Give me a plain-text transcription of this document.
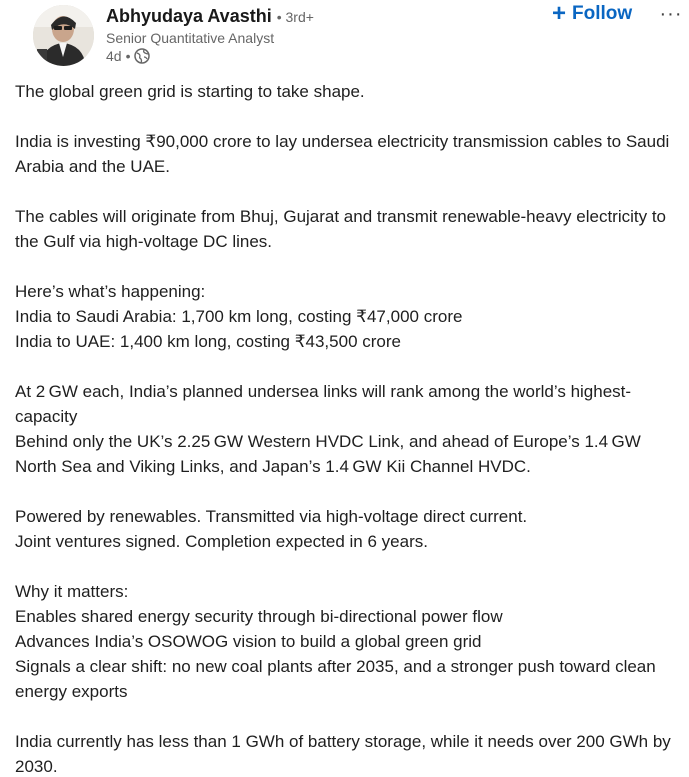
Abhyudaya Avasthi • 3rd+
Senior Quantitative Analyst
4d •
+ Follow ···

The global green grid is starting to take shape.

India is investing ₹90,000 crore to lay undersea electricity transmission cables to Saudi Arabia and the UAE.

The cables will originate from Bhuj, Gujarat and transmit renewable-heavy electricity to the Gulf via high-voltage DC lines.

Here’s what’s happening:

India to Saudi Arabia: 1,700 km long, costing ₹47,000 crore

India to UAE: 1,400 km long, costing ₹43,500 crore

At 2 GW each, India’s planned undersea links will rank among the world’s highest-capacity

Behind only the UK’s 2.25 GW Western HVDC Link, and ahead of Europe’s 1.4 GW North Sea and Viking Links, and Japan’s 1.4 GW Kii Channel HVDC.

Powered by renewables. Transmitted via high-voltage direct current.

Joint ventures signed. Completion expected in 6 years.

Why it matters:

Enables shared energy security through bi-directional power flow

Advances India’s OSOWOG vision to build a global green grid

Signals a clear shift: no new coal plants after 2035, and a stronger push toward clean energy exports

India currently has less than 1 GWh of battery storage, while it needs over 200 GWh by 2030.
